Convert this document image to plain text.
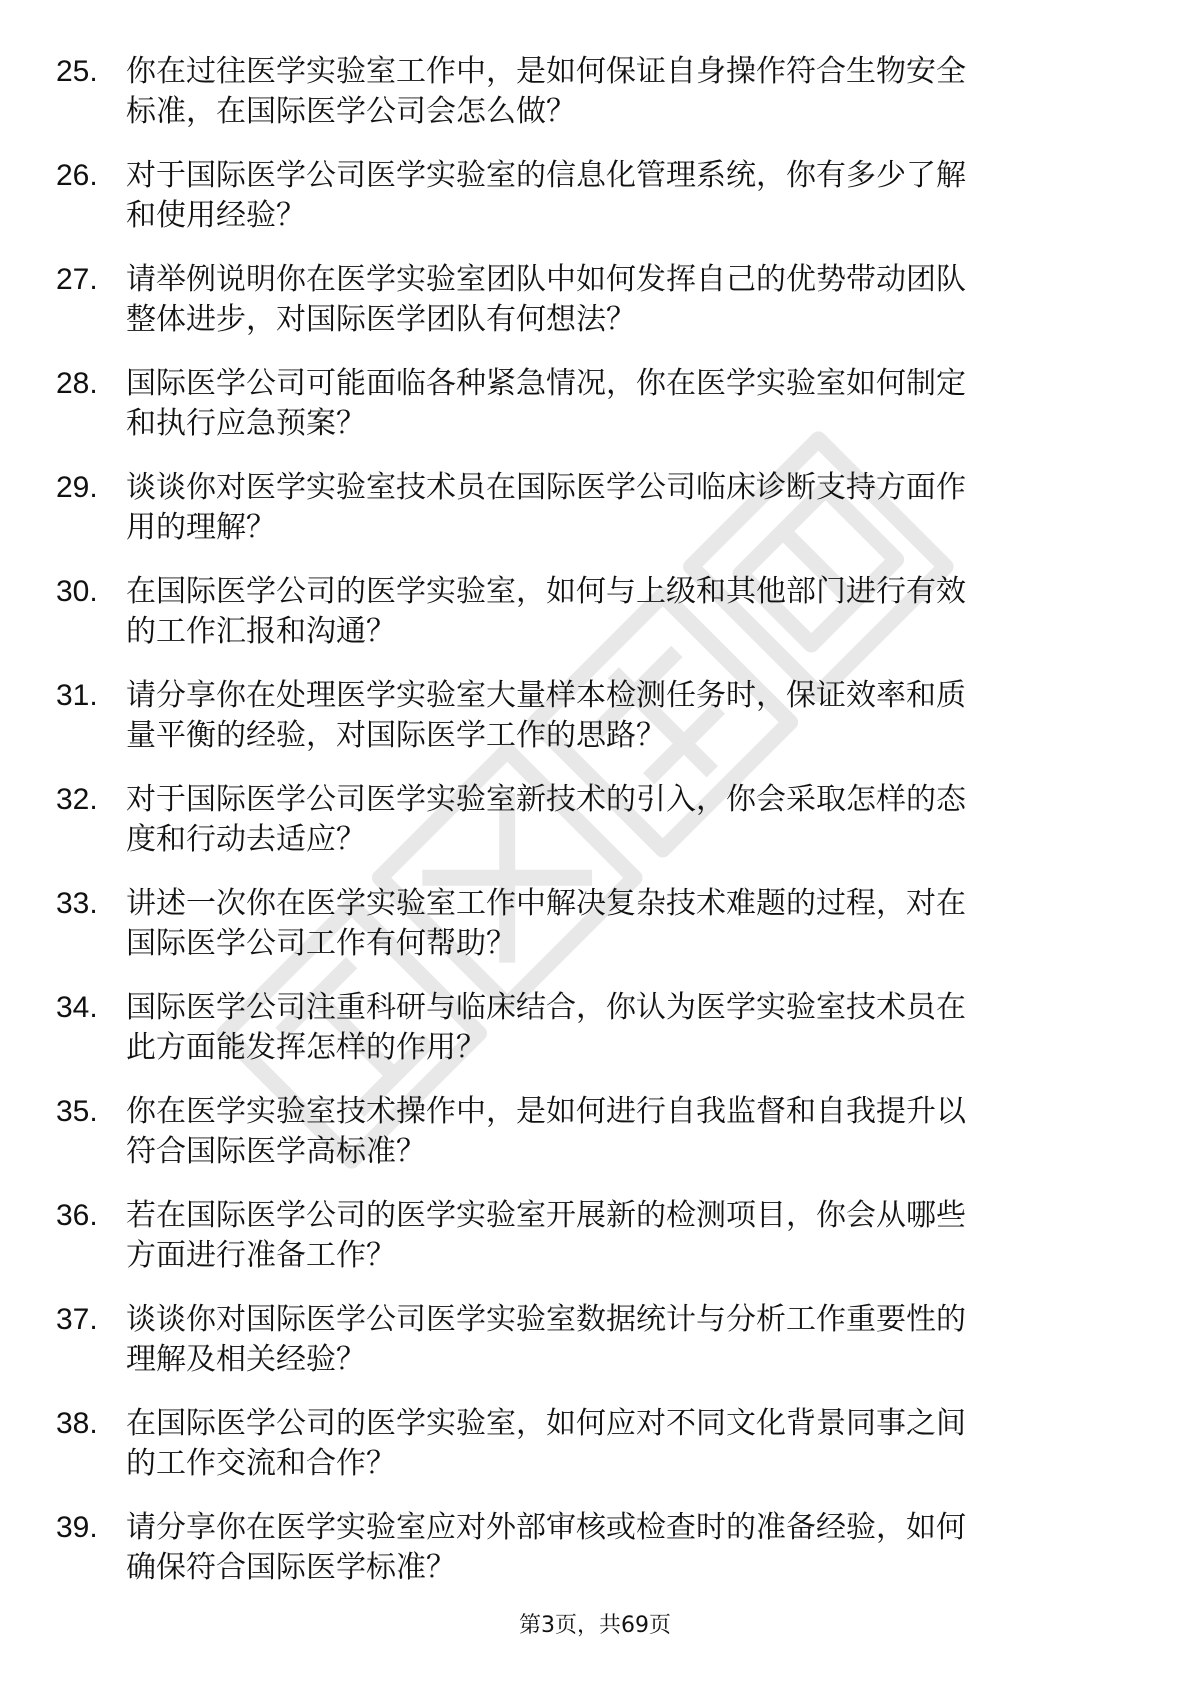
25. 你在过往医学实验室工作中，是如何保证自身操作符合生物安全
标准，在国际医学公司会怎么做？
26. 对于国际医学公司医学实验室的信息化管理系统，你有多少了解
和使用经验？
27. 请举例说明你在医学实验室团队中如何发挥自己的优势带动团队
整体进步，对国际医学团队有何想法？
28. 国际医学公司可能面临各种紧急情况，你在医学实验室如何制定
和执行应急预案？
29. 谈谈你对医学实验室技术员在国际医学公司临床诊断支持方面作
用的理解？
30. 在国际医学公司的医学实验室，如何与上级和其他部门进行有效
的工作汇报和沟通？
31. 请分享你在处理医学实验室大量样本检测任务时，保证效率和质
量平衡的经验，对国际医学工作的思路？
32. 对于国际医学公司医学实验室新技术的引入，你会采取怎样的态
度和行动去适应？
33. 讲述一次你在医学实验室工作中解决复杂技术难题的过程，对在
国际医学公司工作有何帮助？
34. 国际医学公司注重科研与临床结合，你认为医学实验室技术员在
此方面能发挥怎样的作用？
35. 你在医学实验室技术操作中，是如何进行自我监督和自我提升以
符合国际医学高标准？
36. 若在国际医学公司的医学实验室开展新的检测项目，你会从哪些
方面进行准备工作？
37. 谈谈你对国际医学公司医学实验室数据统计与分析工作重要性的
理解及相关经验？
38. 在国际医学公司的医学实验室，如何应对不同文化背景同事之间
的工作交流和合作？
39. 请分享你在医学实验室应对外部审核或检查时的准备经验，如何
确保符合国际医学标准？
第3页，共69页
